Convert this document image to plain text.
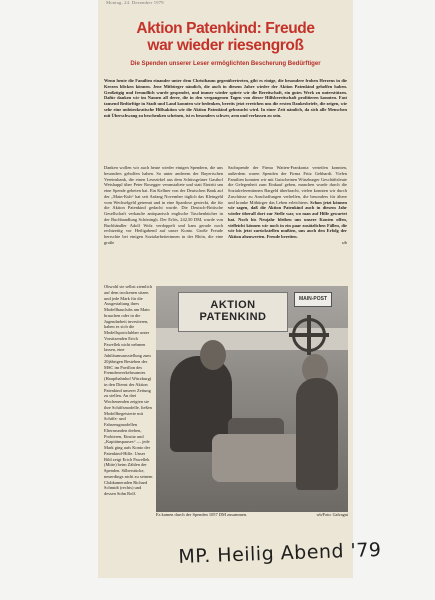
Montag, 24. Dezember 1979
Aktion Patenkind: Freude
war wieder riesengroß
Die Spenden unserer Leser ermöglichten Bescherung Bedürftiger

Wenn heute die Familien einander unter dem Christbaum gegenübertreten, gibt es einige, die besondere frohen Herzens in die Kerzen blicken können. Jene Mitbürger nämlich, die auch in diesem Jahre wieder der Aktion Patenkind geholfen haben. Großzügig und freundlich wurde gespendet, und immer wieder spürte wir die Bereitschaft, ein gutes Werk zu unterstützen. Dafür danken wir im Namen all derer, die in den vergangenen Tagen von dieser Hilfsbereitschaft profitieren konnten. Fast tausend Bedürftige in Stadt und Land konnten wir bedenken, bereits jetzt erreichen uns die ersten Dankesbriefe, die zeigen, wie sehr eine unbürokratische Hilfsaktion wie die Aktion Patenkind gebraucht wird. In einer Zeit nämlich, da sich alle Menschen mit Überschwang zu beschenken scheinen, ist es besonders schwer, arm und verlassen zu sein.

Danken wollen wir auch heute wieder einigen Spendern, die uns besonders geholfen haben. So unter anderem der Bayerischen Vereinsbank, die einen Lesezirkel aus dem Schüssgrüner Gasthof Weishappl über Peter Rosegger veranstaltete und statt Eintritt um eine Spende gebeten hat. Ein Kellner von der Deutschen Bank auf der „Main-Kuh“ hat seit Anfang November täglich das Kleingeld vom Wechselgeld getrennt und in eine Spardose gesteckt, die für die Aktion Patenkind gedacht wurde. Die Deutsch-Britische Gesellschaft verkaufte antiquarisch englische Taschenbücher in der Buchhandlung Schöningh. Der Erlös, 242,50 DM, wurde von Buchhändler Adolf Wolz verdoppelt und kam gerade noch rechtzeitig vor Heiligabend auf unser Konto. Große Freude herrschte bei einigen Sozialarbeiterinnen in der Rhön, die eine große

Sachspende der Firma Watten-Frankonia verteilen konnten, außerdem waren Spenden der Firma Fritz Gebhardt. Vielen Familien konnten wir mit Gutscheinen Würzburger Geschäftsleute die Gelegenheit zum Einkauf geben, manchen wurde durch die Sozialreferentinnen Bargeld überbracht, vielen konnten wir durch Zuschüsse zu Anschaffungen verhelfen, die besonders für ältere und kranke Mitbürger das Leben erleichtern. Schon jetzt können wir sagen, daß die Aktion Patenkind auch in diesem Jahr wieder überall dort zur Stelle war, wo man auf Hilfe gewartet hat. Noch bis Neujahr bleiben uns unsere Konten offen, vielleicht können wir noch in ein paar zusätzlichen Fällen, die wir bis jetzt zurückstellen mußten, uns auch den Erfolg der Aktion abzuwerten. Freude bereiten.
sib

Obwohl sie selbst ziemlich auf dem trockenen sitzen und jede Mark für die Ausgestaltung ihres Modellbauclubs am Main brauchen oder in die Jugendarbeit investieren, haben es sich die Modellsportclubber unter Vorsitzenden Erich Pawellek nicht nehmen lassen, eine Jubiläumsausstellung zum 20jährigen Bestehen des MSC im Pavillon des Fremdenverkehrsamtes (Hauptbahnhof Würzburg) in den Dienst der Aktion Patenkind unserer Zeitung zu stellen. An drei Wochenenden zeigten sie ihre Schiffsmodelle, ließen Modellbegeisterte mit Schiffs- und Fahrzeugmodellen Elternrunden drehen, Probieren, Einsitz und „Kapitänspauses“ — jede Mark ging aufs Konto der Patenkind-Hilfe. Unser Bild zeigt Erich Pawellek (Mitte) beim Zählen der Spenden. Silberstücke, neuerdings nicht zu seinem Clubkameraden Richard Schmidt (rechts) und dessen Sohn Rolf.

AKTION PATENKIND
MAIN-POST
Es kamen durch der Spenden 1057 DM zusammen.	wb/Foto: Galvagni
MP. Heilig Abend '79
